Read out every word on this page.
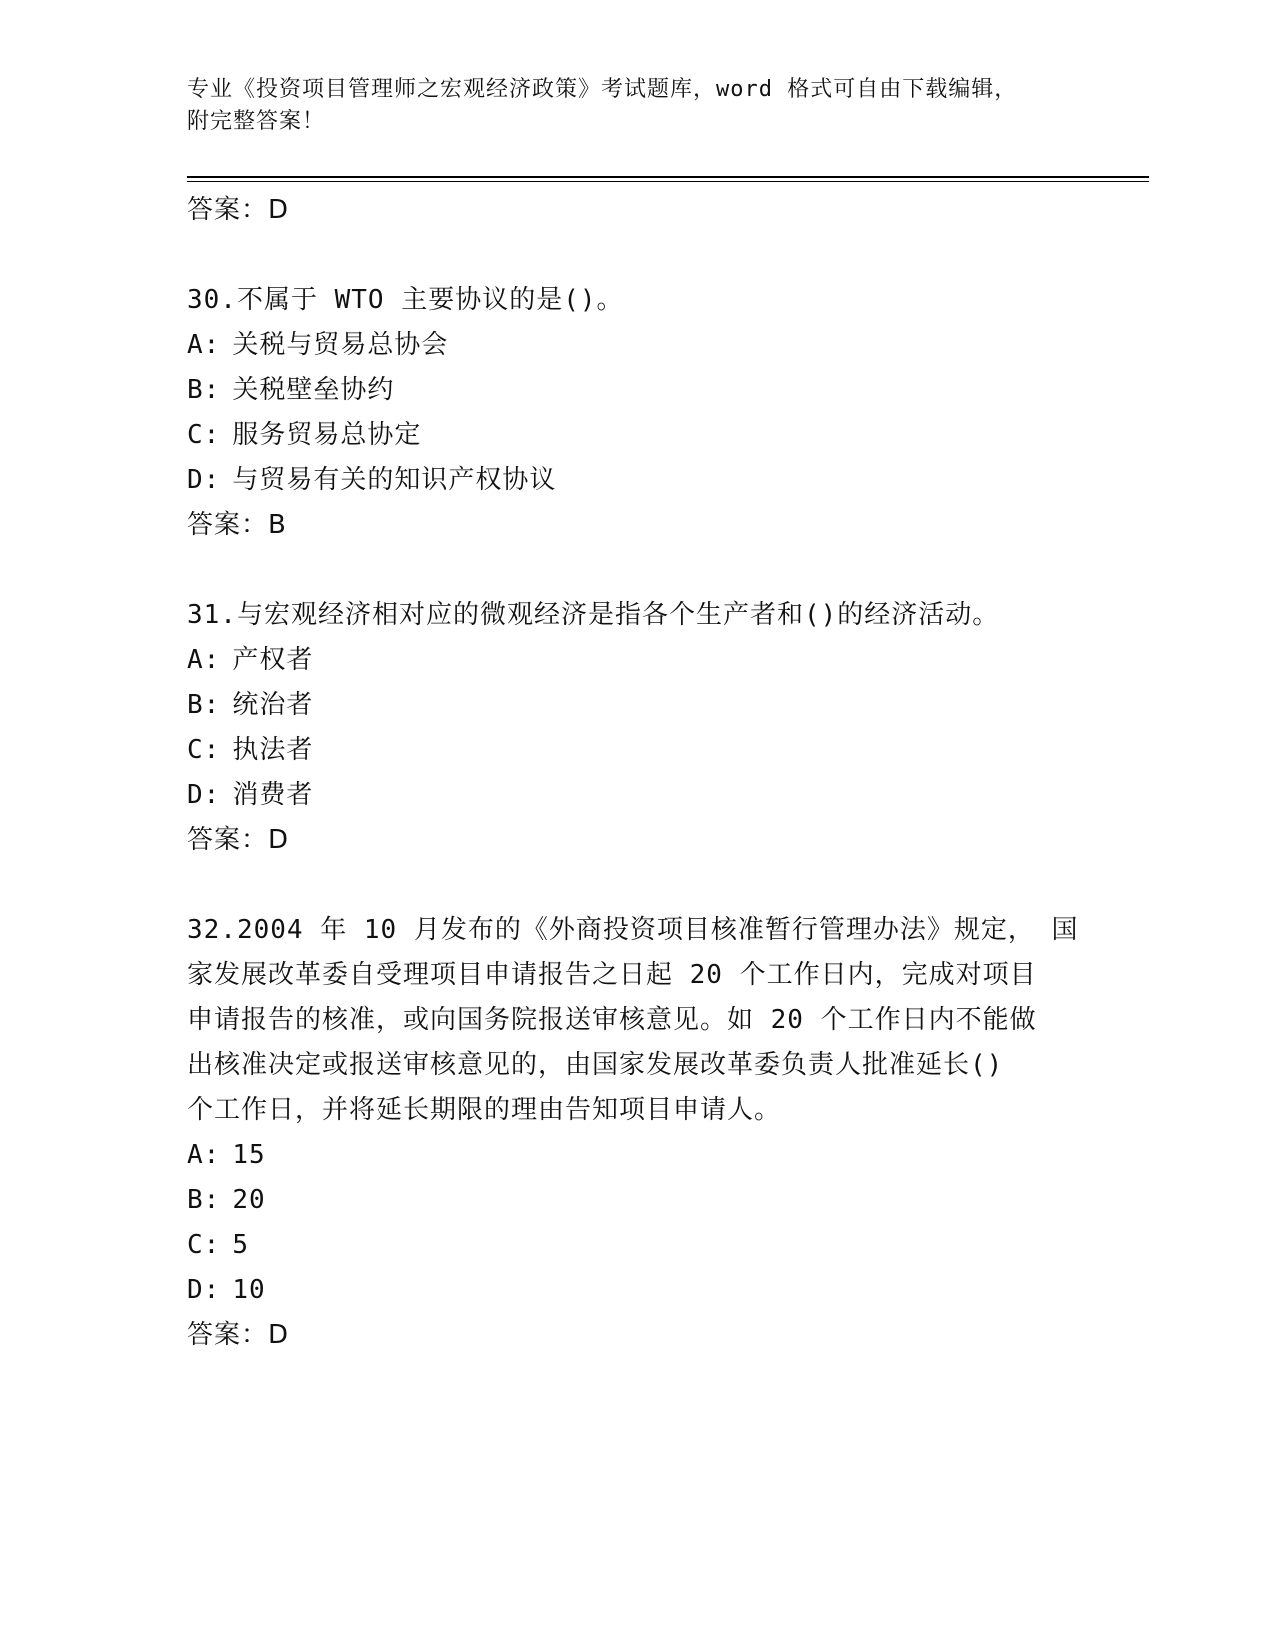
专业《投资项目管理师之宏观经济政策》考试题库，word 格式可自由下载编辑，
附完整答案！
答案：D
30.不属于 WTO 主要协议的是()。
A: 关税与贸易总协会
B: 关税壁垒协约
C: 服务贸易总协定
D: 与贸易有关的知识产权协议
答案：B
31.与宏观经济相对应的微观经济是指各个生产者和()的经济活动。
A: 产权者
B: 统治者
C: 执法者
D: 消费者
答案：D
32.2004 年 10 月发布的《外商投资项目核准暂行管理办法》规定， 国
家发展改革委自受理项目申请报告之日起 20 个工作日内，完成对项目
申请报告的核准，或向国务院报送审核意见。如 20 个工作日内不能做
出核准决定或报送审核意见的，由国家发展改革委负责人批准延长()
个工作日，并将延长期限的理由告知项目申请人。
A: 15
B: 20
C: 5
D: 10
答案：D
